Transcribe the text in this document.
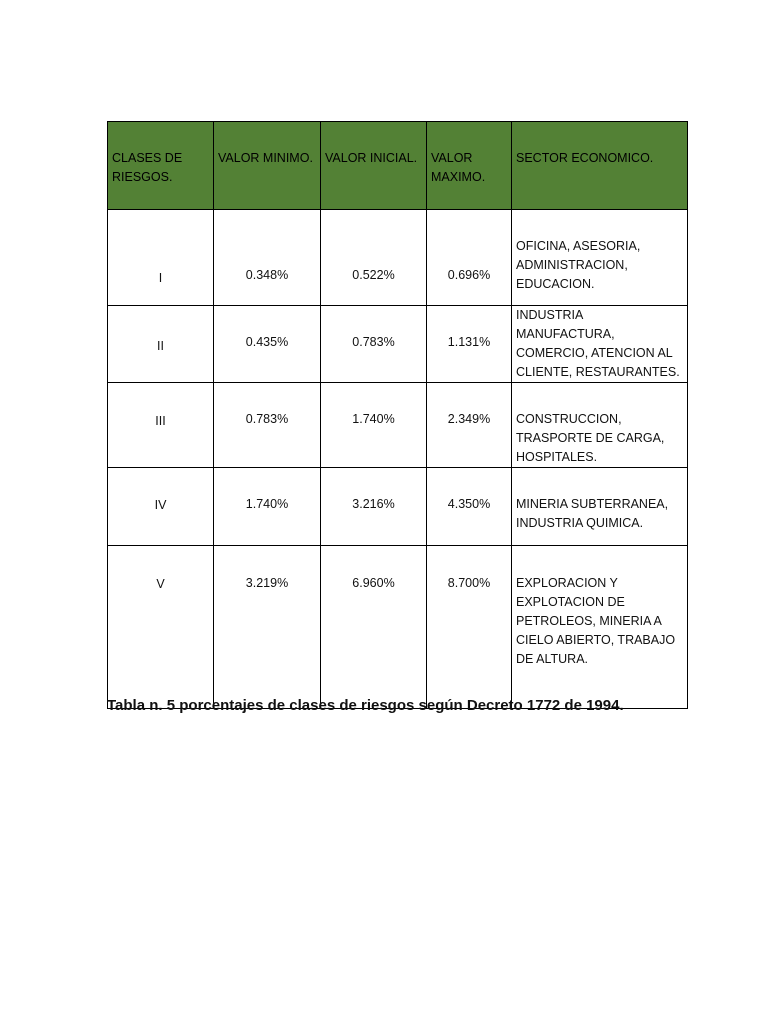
CLASES DE RIESGOS.	VALOR MINIMO.	VALOR INICIAL.	VALOR MAXIMO.	SECTOR ECONOMICO.

I	0.348%	0.522%	0.696%	OFICINA, ASESORIA, ADMINISTRACION, EDUCACION.

II	0.435%	0.783%	1.131%	INDUSTRIA MANUFACTURA, COMERCIO, ATENCION AL CLIENTE, RESTAURANTES.

III	0.783%	1.740%	2.349%	CONSTRUCCION, TRASPORTE DE CARGA, HOSPITALES.

IV	1.740%	3.216%	4.350%	MINERIA SUBTERRANEA, INDUSTRIA QUIMICA.

V	3.219%	6.960%	8.700%	EXPLORACION Y EXPLOTACION DE PETROLEOS, MINERIA A CIELO ABIERTO, TRABAJO DE ALTURA.
Tabla n. 5 porcentajes de clases de riesgos según Decreto 1772 de 1994.
